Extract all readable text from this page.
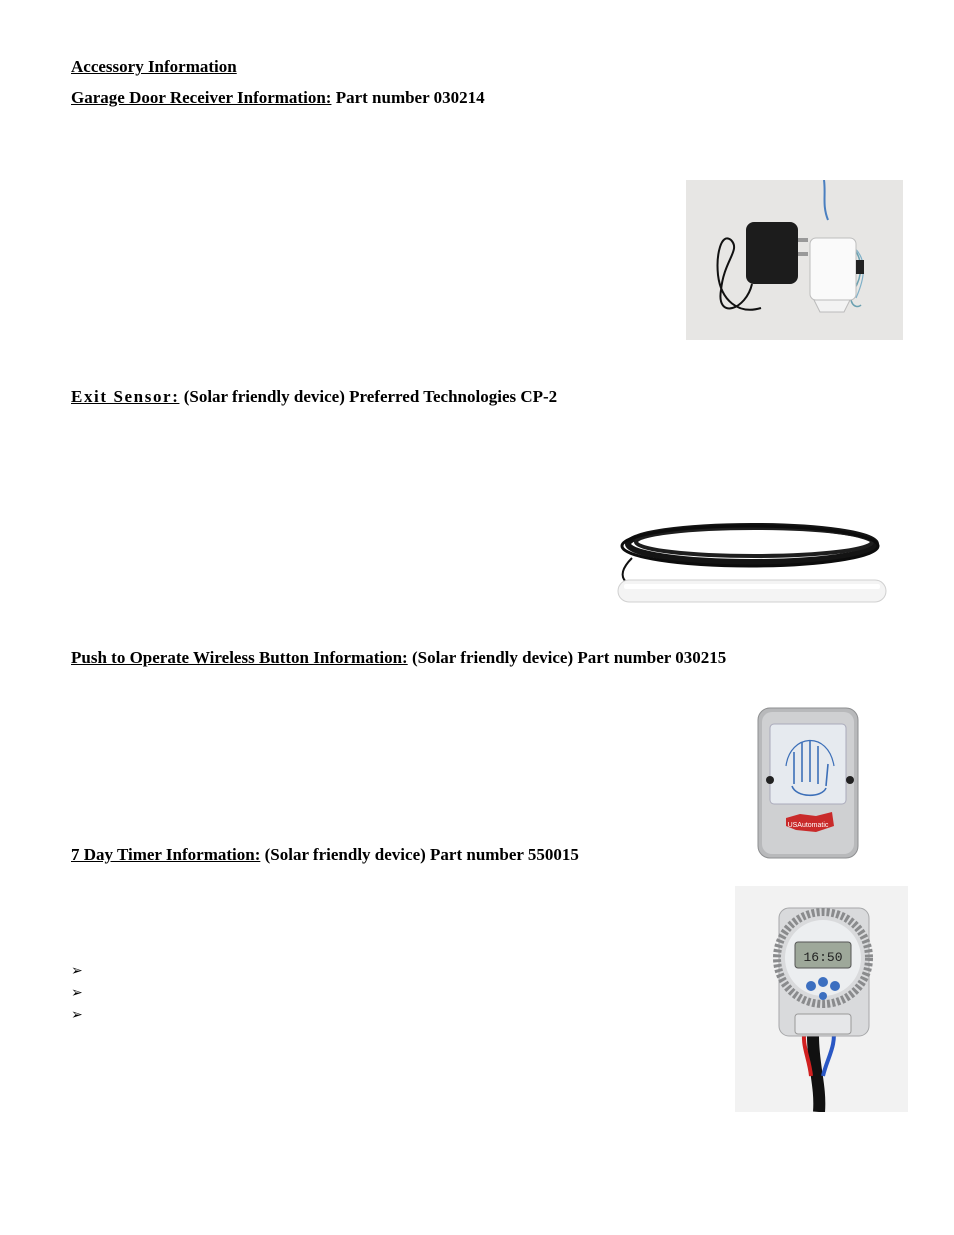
Accessory Information
Garage Door Receiver Information: Part number 030214
Exit Sensor: (Solar friendly device) Preferred Technologies CP-2
Push to Operate Wireless Button Information: (Solar friendly device) Part number 030215
USAutomatic
7 Day Timer Information: (Solar friendly device) Part number 550015
➢
➢
➢
16:50
